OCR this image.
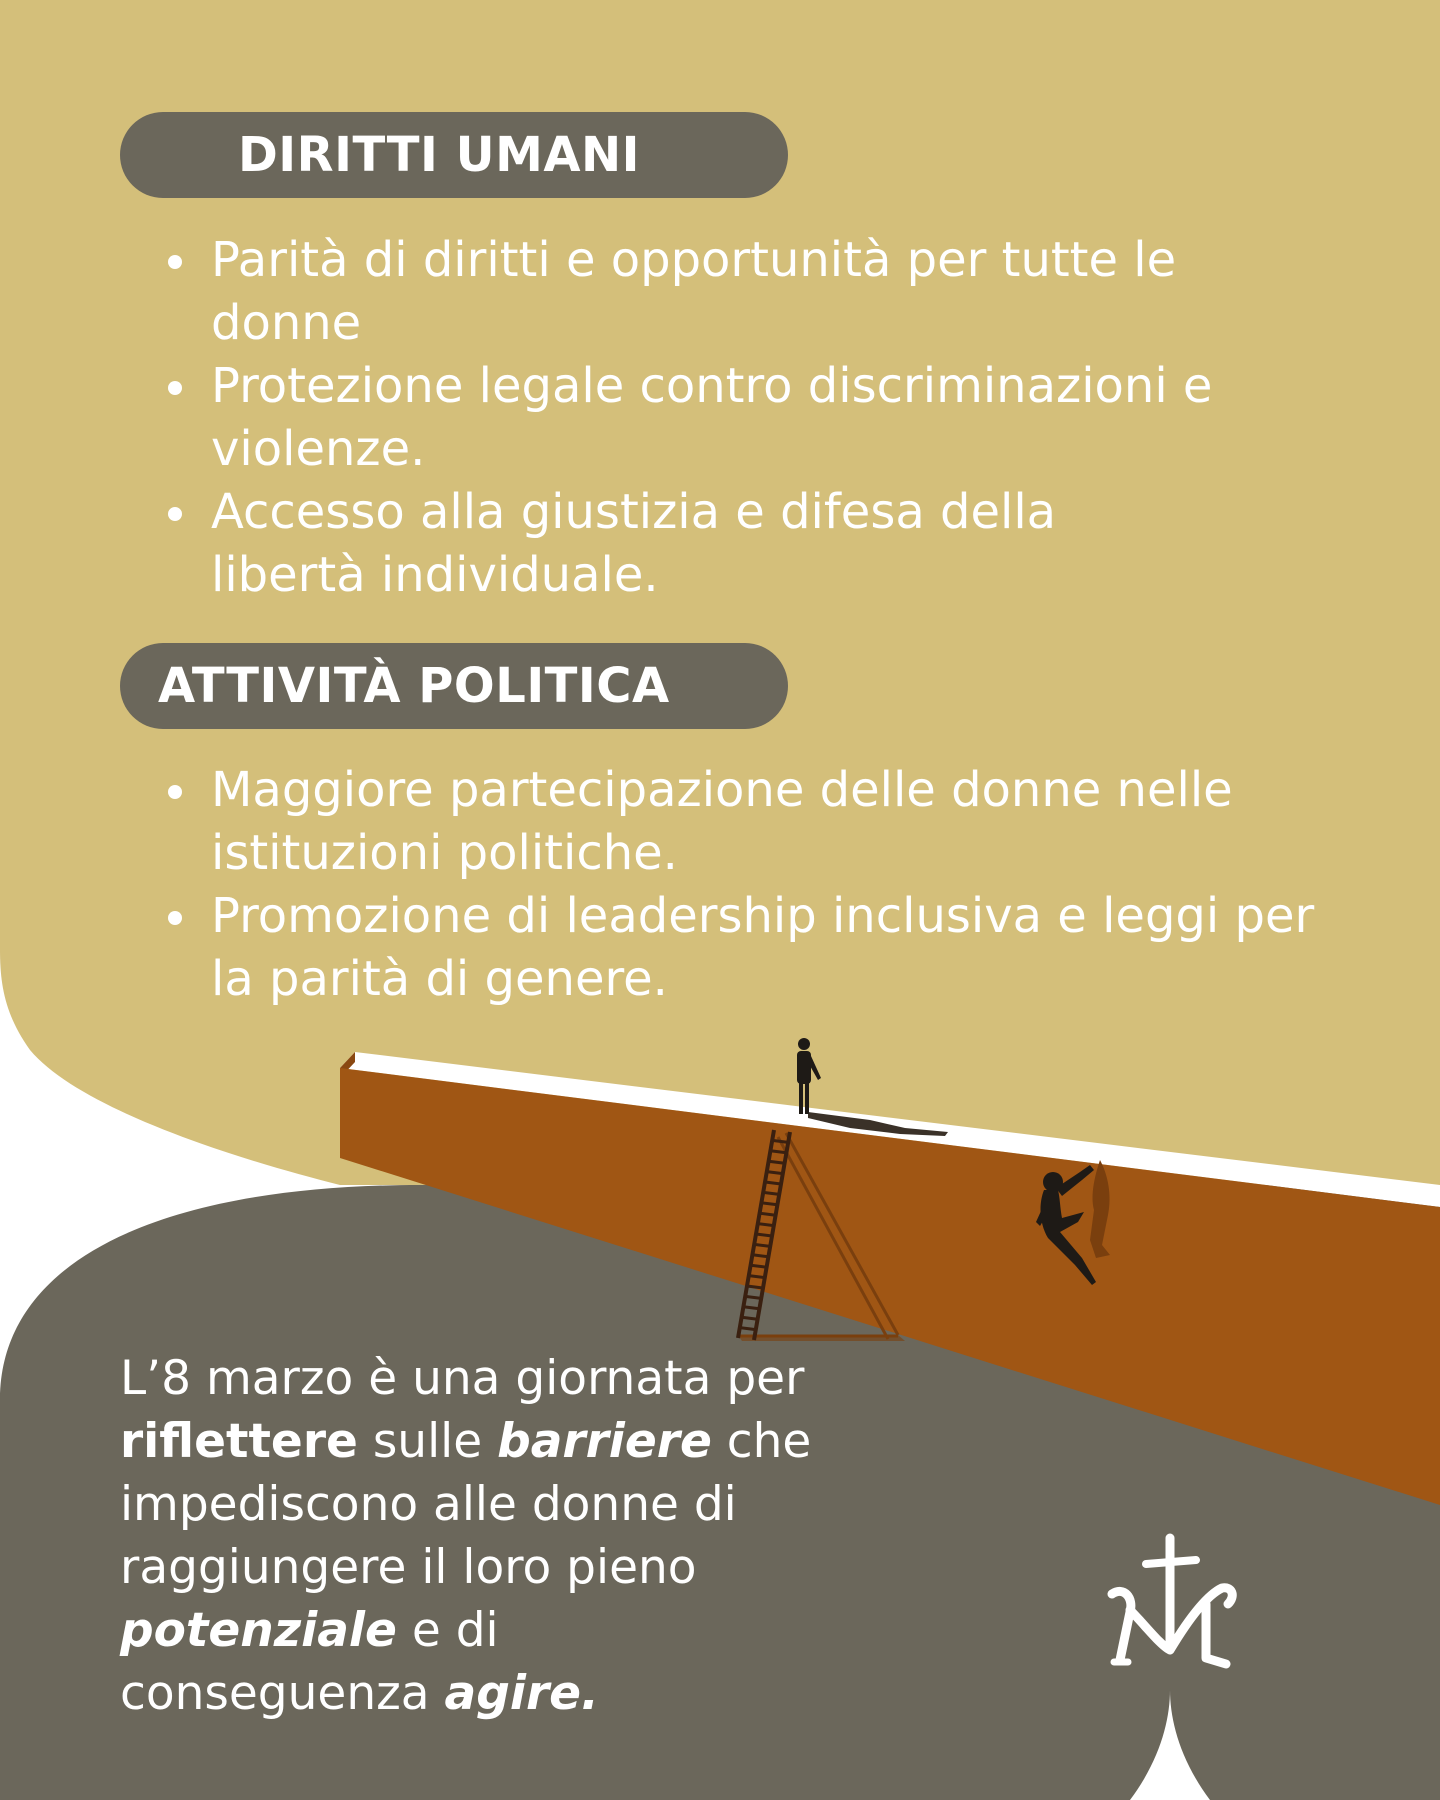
DIRITTI UMANI
Parità di diritti e opportunità per tutte le donne
Protezione legale contro discriminazioni e violenze.
Accesso alla giustizia e difesa della libertà individuale.
ATTIVITÀ POLITICA
Maggiore partecipazione delle donne nelle istituzioni politiche.
Promozione di leadership inclusiva e leggi per la parità di genere.

L’8 marzo è una giornata per riflettere sulle barriere che impediscono alle donne di raggiungere il loro pieno potenziale e di conseguenza agire.
